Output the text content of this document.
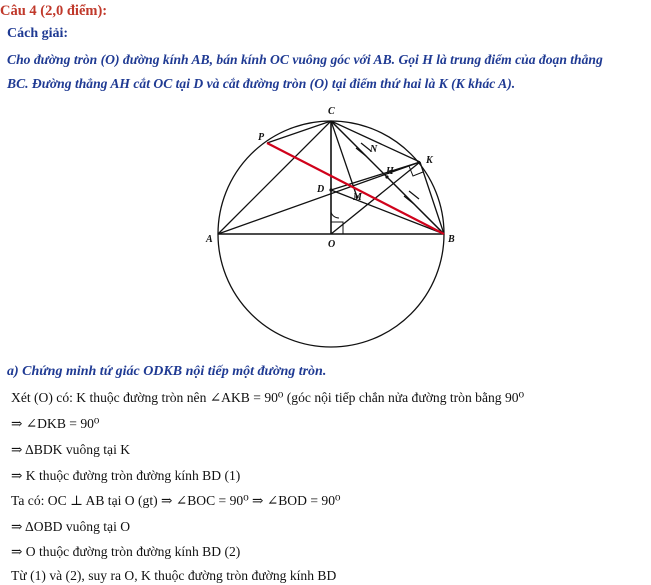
Câu 4 (2,0 điểm):
Cách giải:
Cho đường tròn (O) đường kính AB, bán kính OC vuông góc với AB. Gọi H là trung điểm của đoạn thẳng
BC. Đường thẳng AH cắt OC tại D và cắt đường tròn (O) tại điểm thứ hai là K (K khác A).
C
P
N
K
H
D
M
A	O	B
a) Chứng minh tứ giác ODKB nội tiếp một đường tròn.
Xét (O) có: K thuộc đường tròn nên ∠AKB = 90⁰ (góc nội tiếp chắn nửa đường tròn bằng 90⁰
⇒ ∠DKB = 90⁰
⇒ ΔBDK vuông tại K
⇒ K thuộc đường tròn đường kính BD (1)
Ta có: OC ⊥ AB tại O (gt) ⇒ ∠BOC = 90⁰ ⇒ ∠BOD = 90⁰
⇒ ΔOBD vuông tại O
⇒ O thuộc đường tròn đường kính BD (2)
Từ (1) và (2), suy ra O, K thuộc đường tròn đường kính BD
